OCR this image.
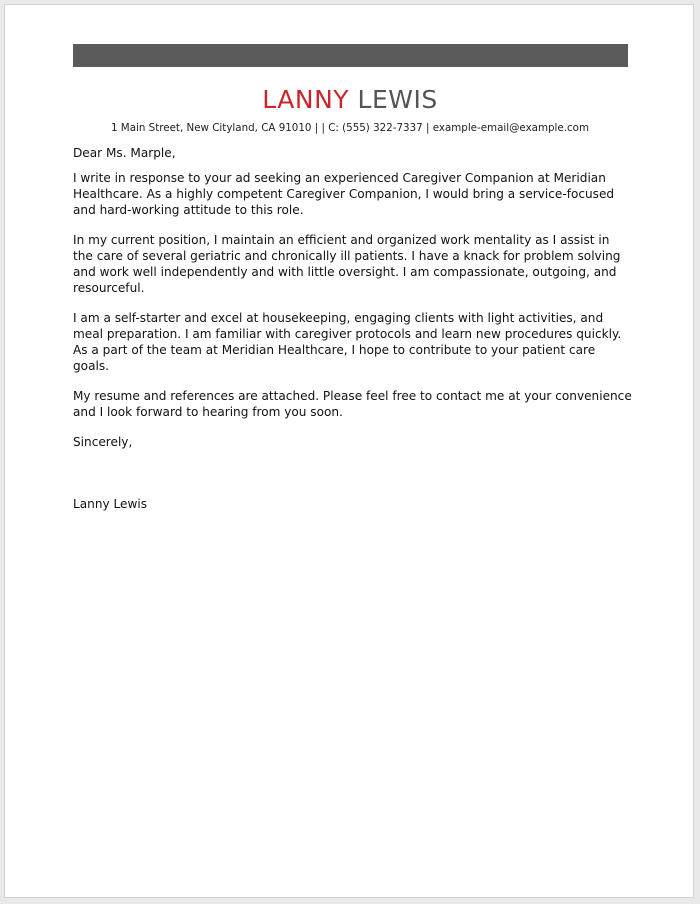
LANNY LEWIS
1 Main Street, New Cityland, CA 91010 | | C: (555) 322-7337 | example-email@example.com

Dear Ms. Marple,

I write in response to your ad seeking an experienced Caregiver Companion at Meridian Healthcare. As a highly competent Caregiver Companion, I would bring a service-focused and hard-working attitude to this role.

In my current position, I maintain an efficient and organized work mentality as I assist in the care of several geriatric and chronically ill patients. I have a knack for problem solving and work well independently and with little oversight. I am compassionate, outgoing, and resourceful.

I am a self-starter and excel at housekeeping, engaging clients with light activities, and meal preparation. I am familiar with caregiver protocols and learn new procedures quickly. As a part of the team at Meridian Healthcare, I hope to contribute to your patient care goals.

My resume and references are attached. Please feel free to contact me at your convenience and I look forward to hearing from you soon.

Sincerely,

Lanny Lewis
